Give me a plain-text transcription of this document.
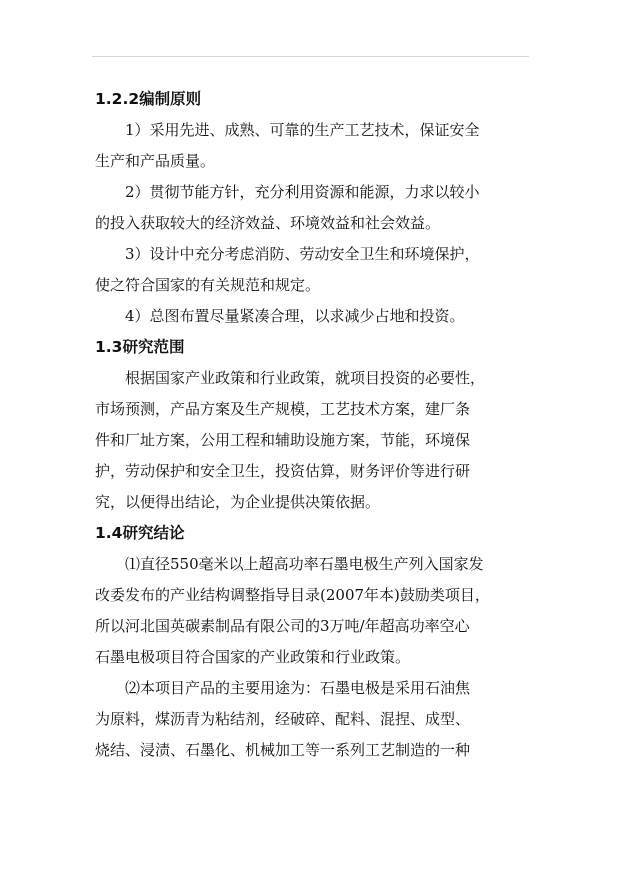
1.2.2编制原则

1）采用先进、成熟、可靠的生产工艺技术，保证安全
生产和产品质量。

2）贯彻节能方针，充分利用资源和能源，力求以较小
的投入获取较大的经济效益、环境效益和社会效益。

3）设计中充分考虑消防、劳动安全卫生和环境保护，
使之符合国家的有关规范和规定。

4）总图布置尽量紧凑合理，以求减少占地和投资。

1.3研究范围

根据国家产业政策和行业政策，就项目投资的必要性，
市场预测，产品方案及生产规模，工艺技术方案，建厂条
件和厂址方案，公用工程和辅助设施方案，节能，环境保
护，劳动保护和安全卫生，投资估算，财务评价等进行研
究，以便得出结论，为企业提供决策依据。

1.4研究结论

⑴直径550毫米以上超高功率石墨电极生产列入国家发
改委发布的产业结构调整指导目录(2007年本)鼓励类项目，
所以河北国英碳素制品有限公司的3万吨/年超高功率空心
石墨电极项目符合国家的产业政策和行业政策。

⑵本项目产品的主要用途为：石墨电极是采用石油焦
为原料，煤沥青为粘结剂，经破碎、配料、混捏、成型、
烧结、浸渍、石墨化、机械加工等一系列工艺制造的一种
